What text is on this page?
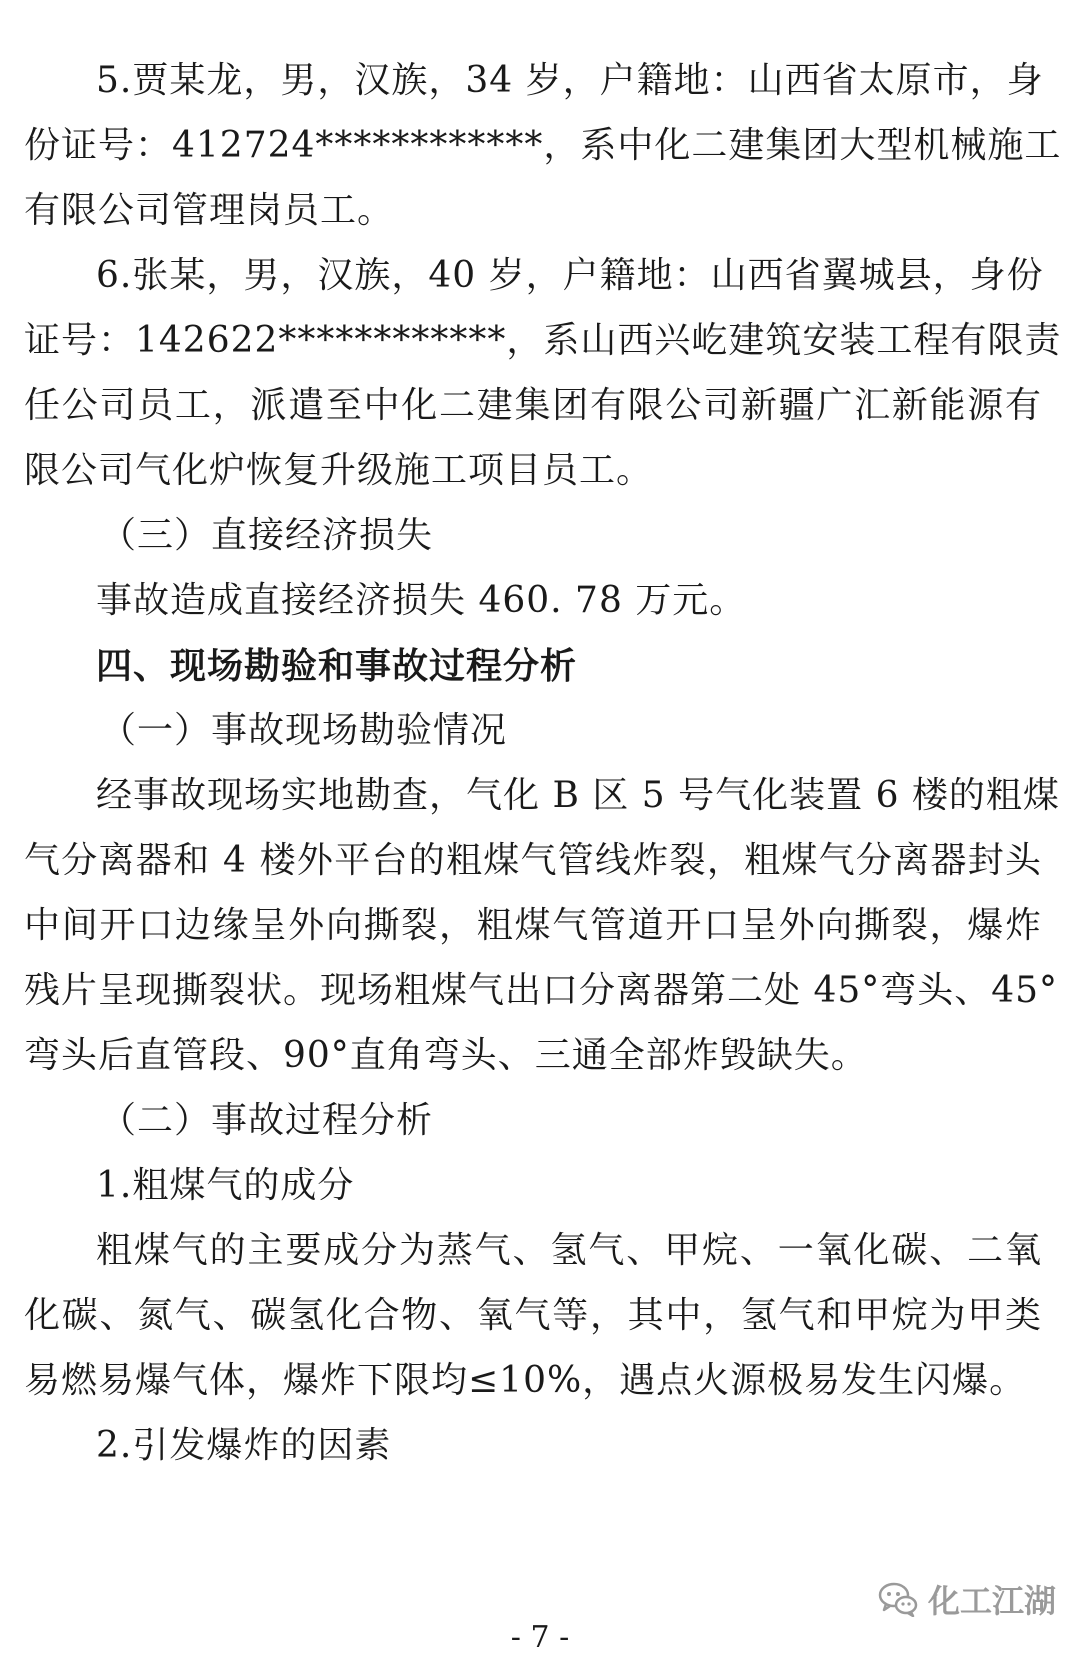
5.贾某龙，男，汉族，34 岁，户籍地：山西省太原市，身
份证号：412724************，系中化二建集团大型机械施工
有限公司管理岗员工。
6.张某，男，汉族，40 岁，户籍地：山西省翼城县，身份
证号：142622************，系山西兴屹建筑安装工程有限责
任公司员工，派遣至中化二建集团有限公司新疆广汇新能源有
限公司气化炉恢复升级施工项目员工。
（三）直接经济损失
事故造成直接经济损失 460. 78 万元。
四、现场勘验和事故过程分析
（一）事故现场勘验情况
经事故现场实地勘查，气化 B 区 5 号气化装置 6 楼的粗煤
气分离器和 4 楼外平台的粗煤气管线炸裂，粗煤气分离器封头
中间开口边缘呈外向撕裂，粗煤气管道开口呈外向撕裂，爆炸
残片呈现撕裂状。现场粗煤气出口分离器第二处 45°弯头、45°
弯头后直管段、90°直角弯头、三通全部炸毁缺失。
（二）事故过程分析
1.粗煤气的成分
粗煤气的主要成分为蒸气、氢气、甲烷、一氧化碳、二氧
化碳、氮气、碳氢化合物、氧气等，其中，氢气和甲烷为甲类
易燃易爆气体，爆炸下限均≤10%，遇点火源极易发生闪爆。
2.引发爆炸的因素
化工江湖
- 7 -
